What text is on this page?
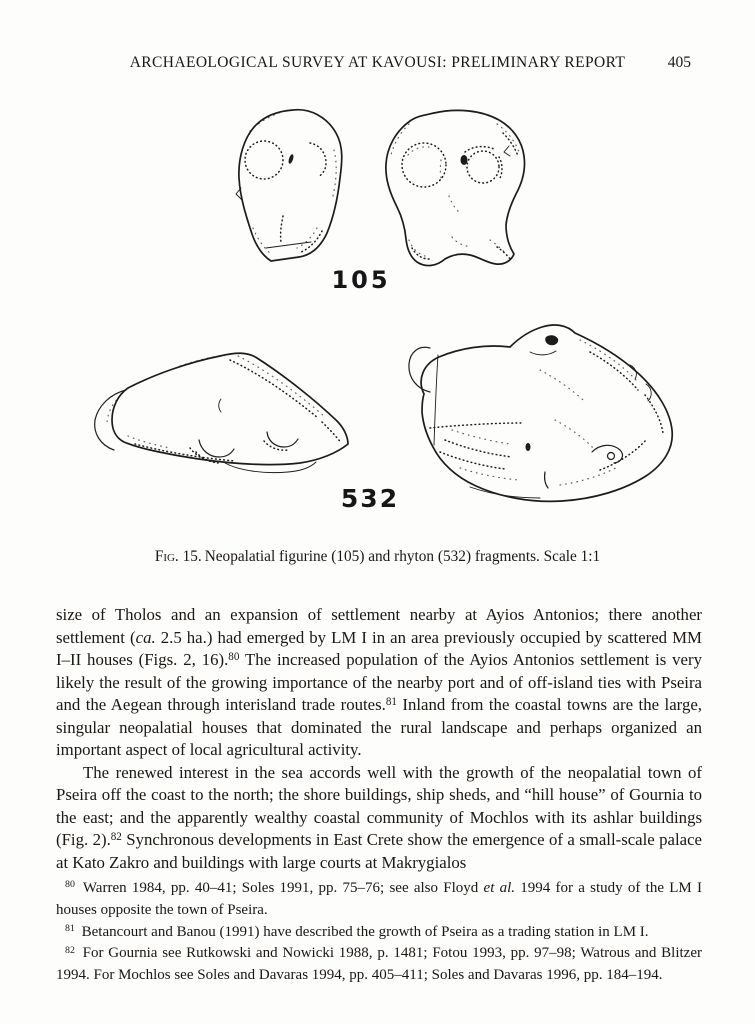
ARCHAEOLOGICAL SURVEY AT KAVOUSI: PRELIMINARY REPORT	405
105
532

Fig. 15. Neopalatial figurine (105) and rhyton (532) fragments. Scale 1:1

size of Tholos and an expansion of settlement nearby at Ayios Antonios; there another settlement (ca. 2.5 ha.) had emerged by LM I in an area previously occupied by scattered MM I–II houses (Figs. 2, 16).$^{80}$ The increased population of the Ayios Antonios settlement is very likely the result of the growing importance of the nearby port and of off-island ties with Pseira and the Aegean through interisland trade routes.$^{81}$ Inland from the coastal towns are the large, singular neopalatial houses that dominated the rural landscape and perhaps organized an important aspect of local agricultural activity.

The renewed interest in the sea accords well with the growth of the neopalatial town of Pseira off the coast to the north; the shore buildings, ship sheds, and “hill house” of Gournia to the east; and the apparently wealthy coastal community of Mochlos with its ashlar buildings (Fig. 2).$^{82}$ Synchronous developments in East Crete show the emergence of a small-scale palace at Kato Zakro and buildings with large courts at Makrygialos

$^{80}$ Warren 1984, pp. 40–41; Soles 1991, pp. 75–76; see also Floyd et al. 1994 for a study of the LM I houses opposite the town of Pseira.

$^{81}$ Betancourt and Banou (1991) have described the growth of Pseira as a trading station in LM I.

$^{82}$ For Gournia see Rutkowski and Nowicki 1988, p. 1481; Fotou 1993, pp. 97–98; Watrous and Blitzer 1994. For Mochlos see Soles and Davaras 1994, pp. 405–411; Soles and Davaras 1996, pp. 184–194.
